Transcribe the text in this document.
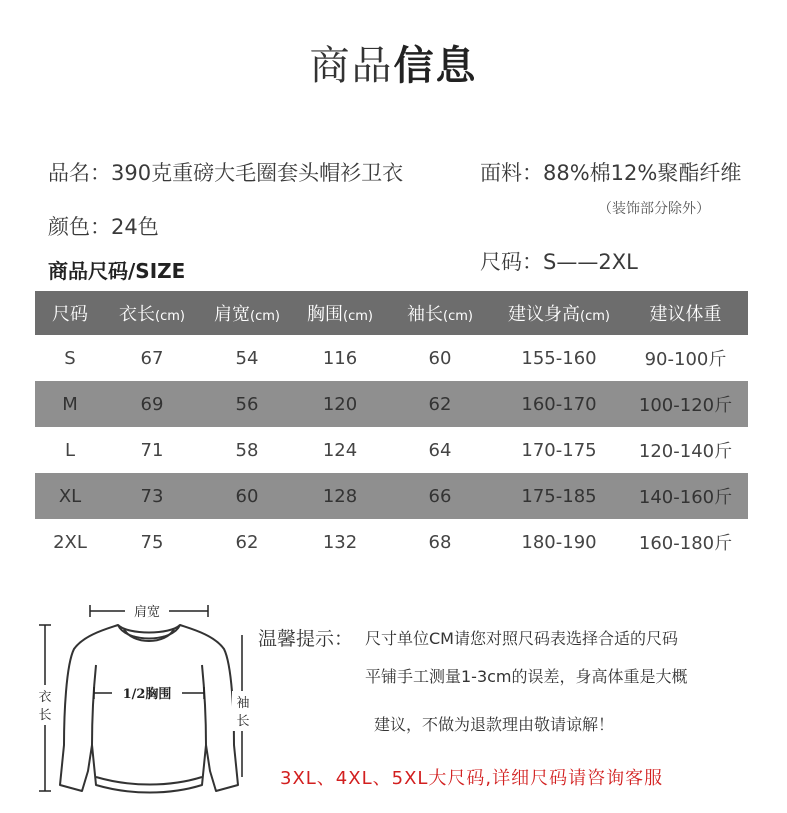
商品信息
品名：390克重磅大毛圈套头帽衫卫衣	面料：88%棉12%聚酯纤维
（装饰部分除外）
颜色：24色
商品尺码/SIZE	尺码：S——2XL
尺码	衣长(cm)	肩宽(cm)	胸围(cm)	袖长(cm)	建议身高(cm)	建议体重
S	67	54	116	60	155-160	90-100斤
M	69	56	120	62	160-170	100-120斤
L	71	58	124	64	170-175	120-140斤
XL	73	60	128	66	175-185	140-160斤
2XL	75	62	132	68	180-190	160-180斤
肩宽
衣
长
1/2胸围
袖
长
温馨提示： 尺寸单位CM请您对照尺码表选择合适的尺码
平铺手工测量1-3cm的误差，身高体重是大概
建议，不做为退款理由敬请谅解！
3XL、4XL、5XL大尺码,详细尺码请咨询客服
